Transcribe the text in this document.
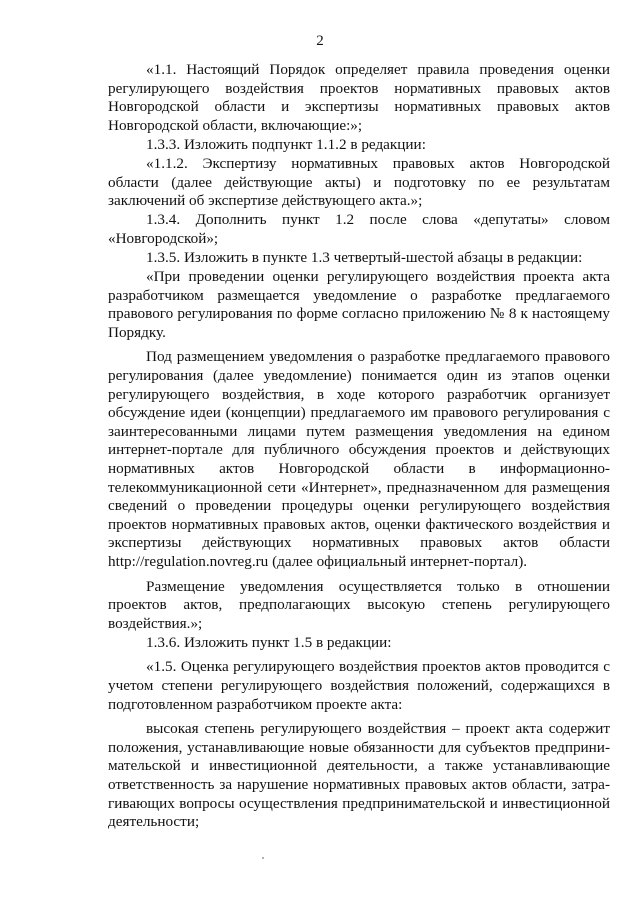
2

«1.1. Настоящий Порядок определяет правила проведения оценки регулирующего воздействия проектов нормативных правовых актов Новгородской области и экспертизы нормативных правовых актов Новгородской области, включающие:»;

1.3.3. Изложить подпункт 1.1.2 в редакции:

«1.1.2. Экспертизу нормативных правовых актов Новгородской области (далее действующие акты) и подготовку по ее результатам заключений об экспертизе действующего акта.»;

1.3.4. Дополнить пункт 1.2 после слова «депутаты» словом «Новгородской»;

1.3.5. Изложить в пункте 1.3 четвертый-шестой абзацы в редакции:

«При проведении оценки регулирующего воздействия проекта акта разработчиком размещается уведомление о разработке предлагаемого правового регулирования по форме согласно приложению № 8 к настоящему Порядку.

Под размещением уведомления о разработке предлагаемого правового регулирования (далее уведомление) понимается один из этапов оценки регулирующего воздействия, в ходе которого разработчик организует обсуждение идеи (концепции) предлагаемого им правового регулирования с заинтересованными лицами путем размещения уведомления на едином интернет-портале для публичного обсуждения проектов и действующих нормативных актов Новгородской области в информационно-телекоммуникационной сети «Интернет», предназначенном для размещения сведений о проведении процедуры оценки регулирующего воздействия проектов нормативных правовых актов, оценки фактического воздействия и экспертизы действующих нормативных правовых актов области http://regulation.novreg.ru (далее официальный интернет-портал).

Размещение уведомления осуществляется только в отношении проектов актов, предполагающих высокую степень регулирующего воздействия.»;

1.3.6. Изложить пункт 1.5 в редакции:

«1.5. Оценка регулирующего воздействия проектов актов проводится с учетом степени регулирующего воздействия положений, содержащихся в подготовленном разработчиком проекте акта:

высокая степень регулирующего воздействия – проект акта содержит положения, устанавливающие новые обязанности для субъектов предпринимательской и инвестиционной деятельности, а также устанавливающие ответственность за нарушение нормативных правовых актов области, затрагивающих вопросы осуществления предпринимательской и инвестиционной деятельности;
